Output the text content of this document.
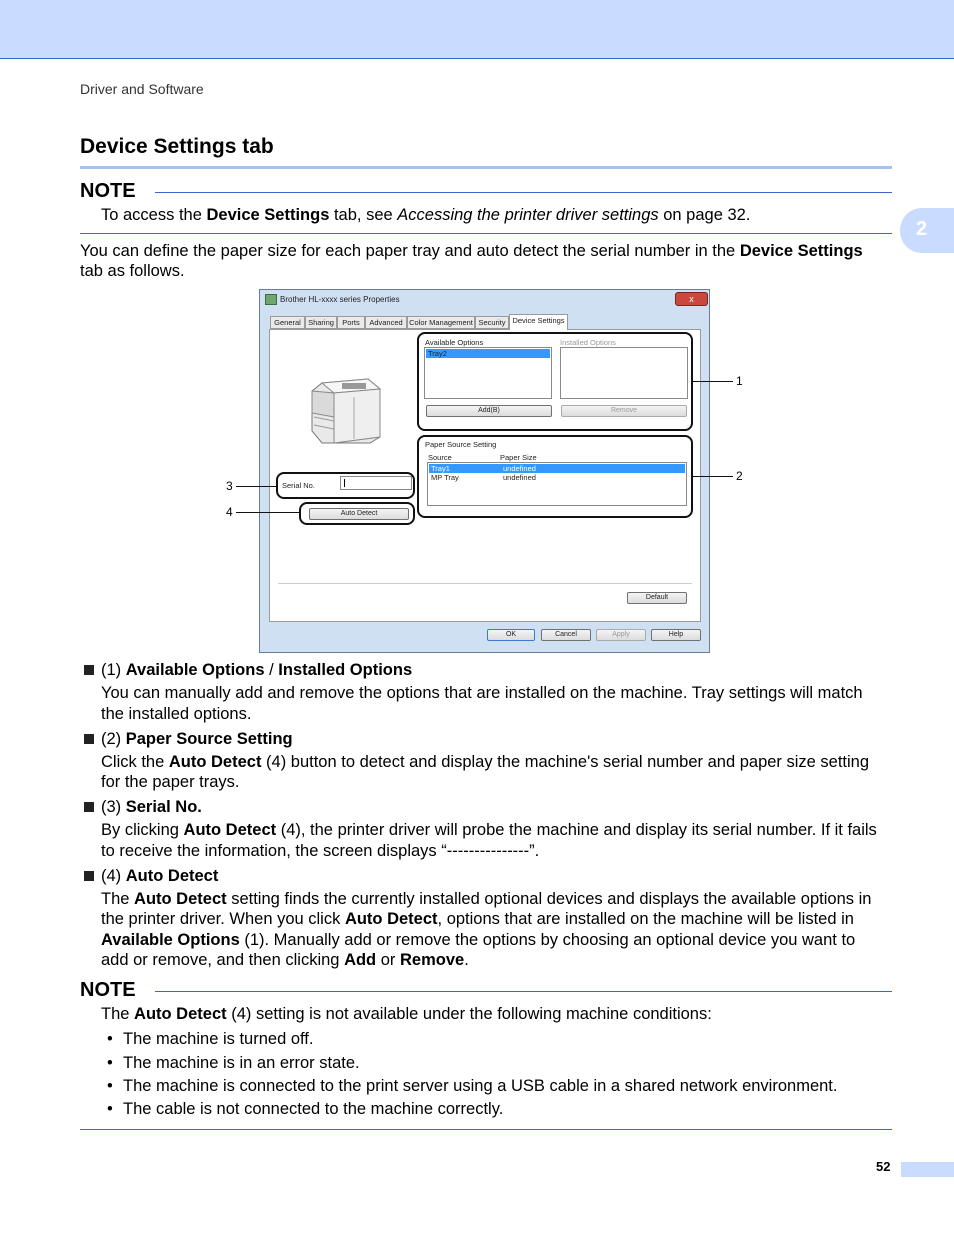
Driver and Software
2
Device Settings tab
NOTE
To access the Device Settings tab, see Accessing the printer driver settings on page 32.
You can define the paper size for each paper tray and auto detect the serial number in the Device Settings
tab as follows.
Brother HL-xxxx series Properties	x
General Sharing	Ports	Advanced Color Management Security Device Settings
Available Options	Installed Options
Tray2
Add(B)	Remove
Paper Source Setting
Source	Paper Size
Tray1	undefined
MP Tray	undefined
Serial No.
Auto Detect
Default
OK	Cancel	Apply	Help
1
2
3
4
(1) Available Options / Installed Options
You can manually add and remove the options that are installed on the machine. Tray settings will match
the installed options.
(2) Paper Source Setting
Click the Auto Detect (4) button to detect and display the machine's serial number and paper size setting
for the paper trays.
(3) Serial No.
By clicking Auto Detect (4), the printer driver will probe the machine and display its serial number. If it fails
to receive the information, the screen displays “---------------”.
(4) Auto Detect
The Auto Detect setting finds the currently installed optional devices and displays the available options in
the printer driver. When you click Auto Detect, options that are installed on the machine will be listed in
Available Options (1). Manually add or remove the options by choosing an optional device you want to
add or remove, and then clicking Add or Remove.
NOTE
The Auto Detect (4) setting is not available under the following machine conditions:
• The machine is turned off.
• The machine is in an error state.
• The machine is connected to the print server using a USB cable in a shared network environment.
• The cable is not connected to the machine correctly.
52
